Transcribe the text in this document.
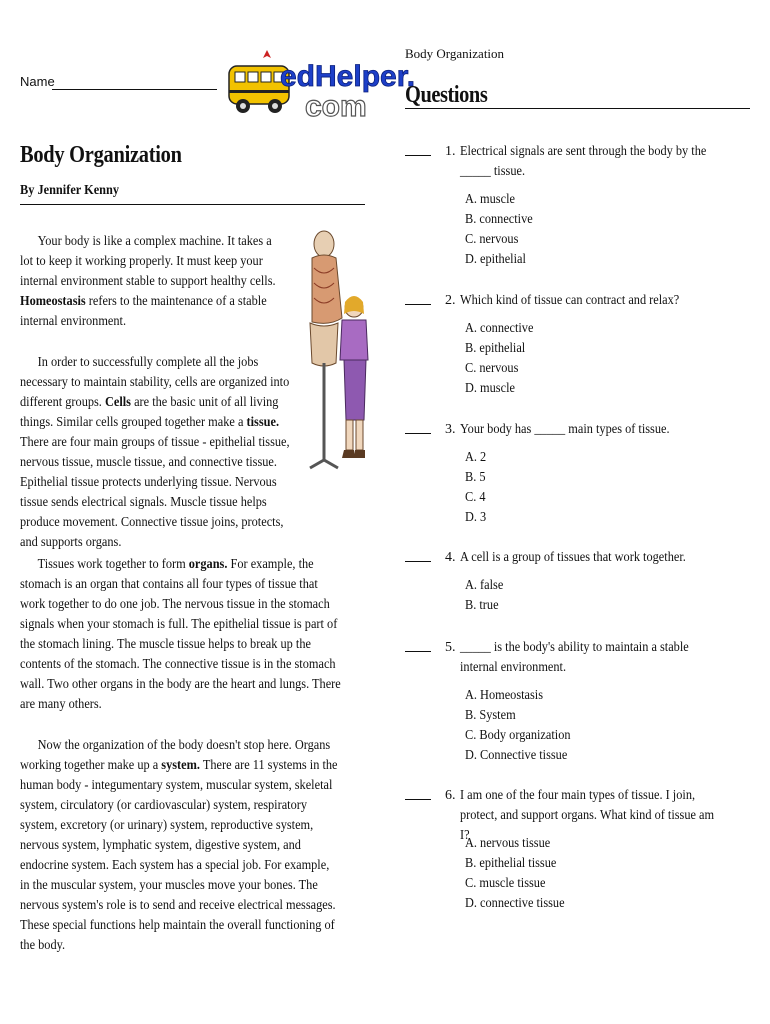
Name	edHelper.
com
Body Organization
Questions
Body Organization
By Jennifer Kenny

Your body is like a complex machine. It takes a lot to keep it working properly. It must keep your internal environment stable to support healthy cells. Homeostasis refers to the maintenance of a stable internal environment.

In order to successfully complete all the jobs necessary to maintain stability, cells are organized into different groups. Cells are the basic unit of all living things. Similar cells grouped together make a tissue. There are four main groups of tissue - epithelial tissue, nervous tissue, muscle tissue, and connective tissue. Epithelial tissue protects underlying tissue. Nervous tissue sends electrical signals. Muscle tissue helps produce movement. Connective tissue joins, protects, and supports organs.

Tissues work together to form organs. For example, the stomach is an organ that contains all four types of tissue that work together to do one job. The nervous tissue in the stomach signals when your stomach is full. The epithelial tissue is part of the stomach lining. The muscle tissue helps to break up the contents of the stomach. The connective tissue is in the stomach wall. Two other organs in the body are the heart and lungs. There are many others.

Now the organization of the body doesn't stop here. Organs working together make up a system. There are 11 systems in the human body - integumentary system, muscular system, skeletal system, circulatory (or cardiovascular) system, respiratory system, excretory (or urinary) system, reproductive system, nervous system, lymphatic system, digestive system, and endocrine system. Each system has a special job. For example, in the muscular system, your muscles move your bones. The nervous system's role is to send and receive electrical messages. These special functions help maintain the overall functioning of the body.

1. Electrical signals are sent through the body by the _____ tissue.
A. muscle
B. connective
C. nervous
D. epithelial
2. Which kind of tissue can contract and relax?
A. connective
B. epithelial
C. nervous
D. muscle
3. Your body has _____ main types of tissue.
A. 2
B. 5
C. 4
D. 3
4. A cell is a group of tissues that work together.
A. false
B. true
5. _____ is the body's ability to maintain a stable internal environment.
A. Homeostasis
B. System
C. Body organization
D. Connective tissue
6. I am one of the four main types of tissue. I join, protect, and support organs. What kind of tissue am I?
A. nervous tissue
B. epithelial tissue
C. muscle tissue
D. connective tissue
